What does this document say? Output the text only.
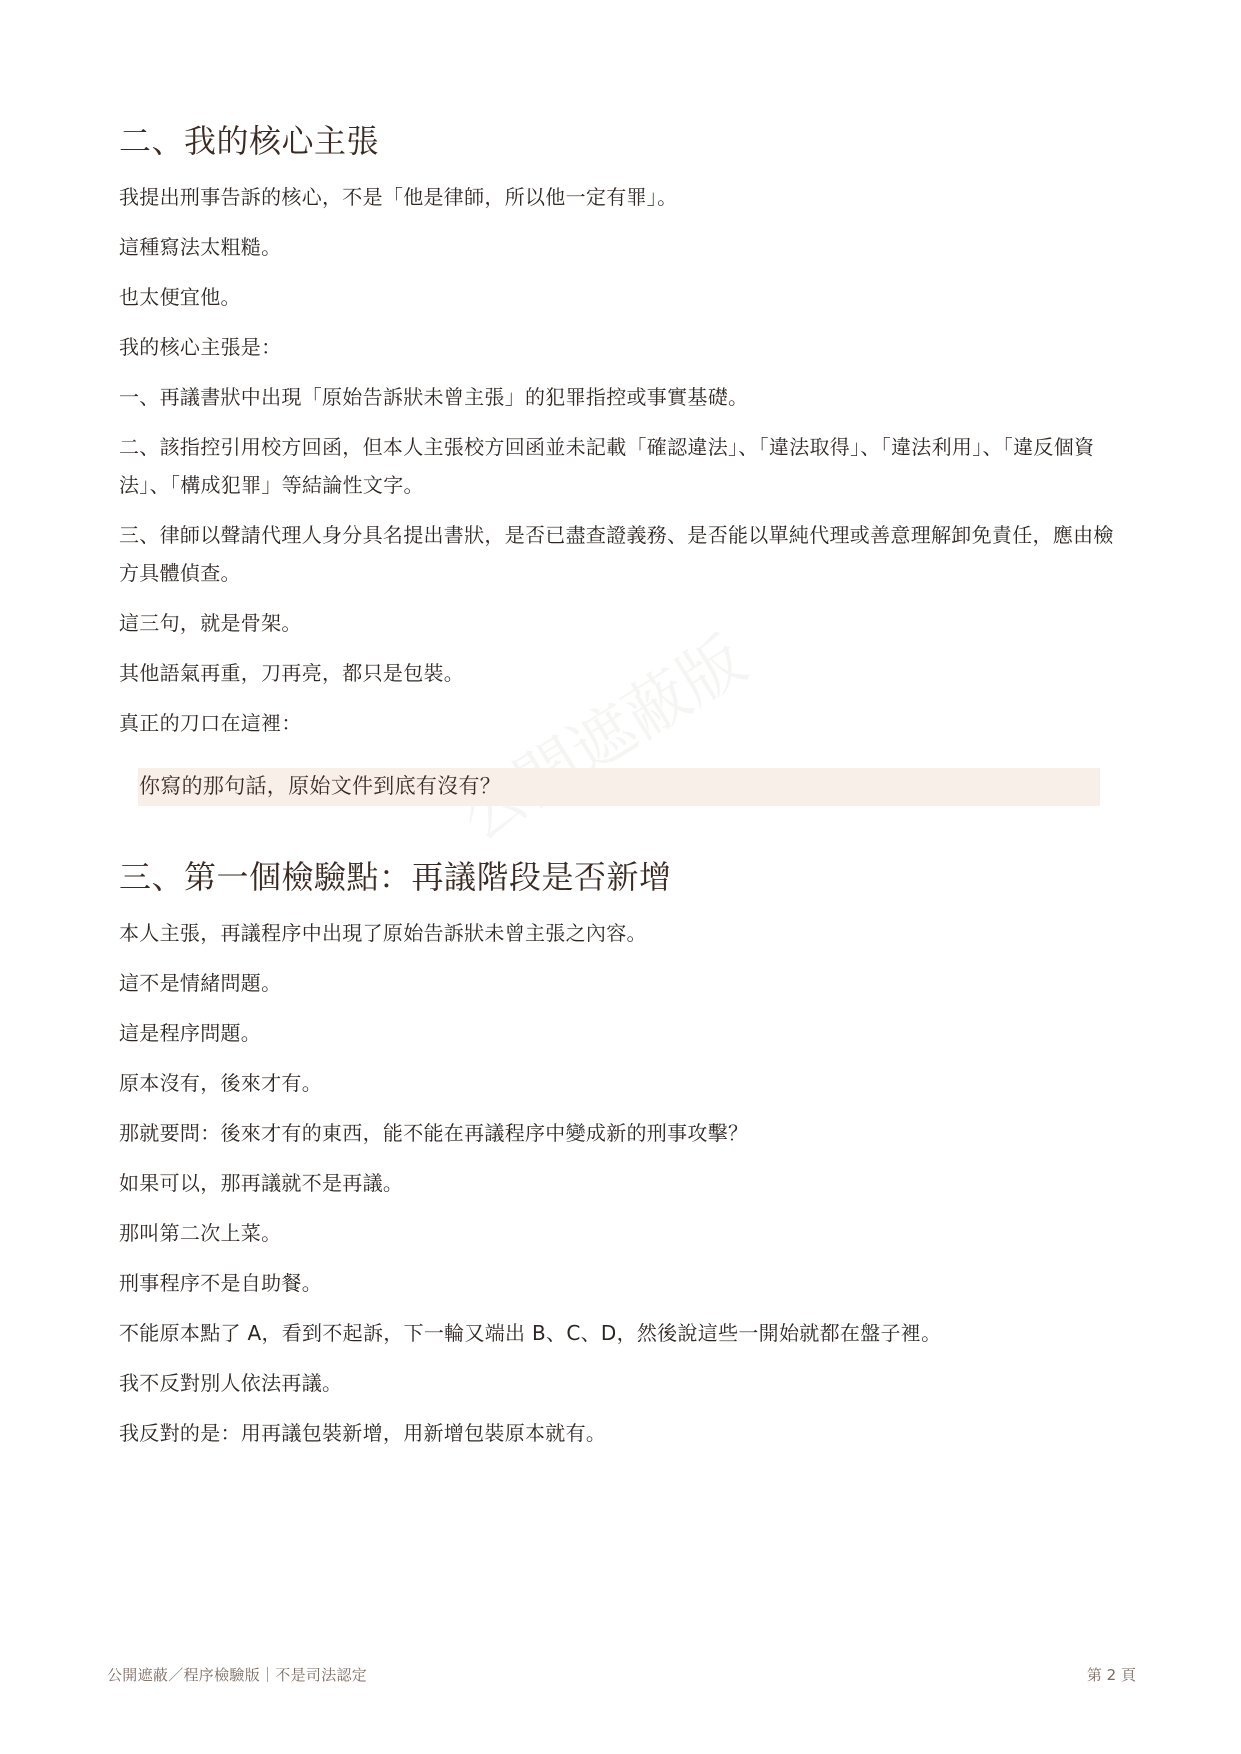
公開遮蔽版
二、我的核心主張

我提出刑事告訴的核心，不是「他是律師，所以他一定有罪」。

這種寫法太粗糙。

也太便宜他。

我的核心主張是：

一、再議書狀中出現「原始告訴狀未曾主張」的犯罪指控或事實基礎。

二、該指控引用校方回函，但本人主張校方回函並未記載「確認違法」、「違法取得」、「違法利用」、「違反個資法」、「構成犯罪」等結論性文字。

三、律師以聲請代理人身分具名提出書狀，是否已盡查證義務、是否能以單純代理或善意理解卸免責任，應由檢方具體偵查。

這三句，就是骨架。

其他語氣再重，刀再亮，都只是包裝。

真正的刀口在這裡：

你寫的那句話，原始文件到底有沒有？
三、第一個檢驗點：再議階段是否新增

本人主張，再議程序中出現了原始告訴狀未曾主張之內容。

這不是情緒問題。

這是程序問題。

原本沒有，後來才有。

那就要問：後來才有的東西，能不能在再議程序中變成新的刑事攻擊？

如果可以，那再議就不是再議。

那叫第二次上菜。

刑事程序不是自助餐。

不能原本點了 A，看到不起訴，下一輪又端出 B、C、D，然後說這些一開始就都在盤子裡。

我不反對別人依法再議。

我反對的是：用再議包裝新增，用新增包裝原本就有。

公開遮蔽／程序檢驗版｜不是司法認定	第 2 頁
